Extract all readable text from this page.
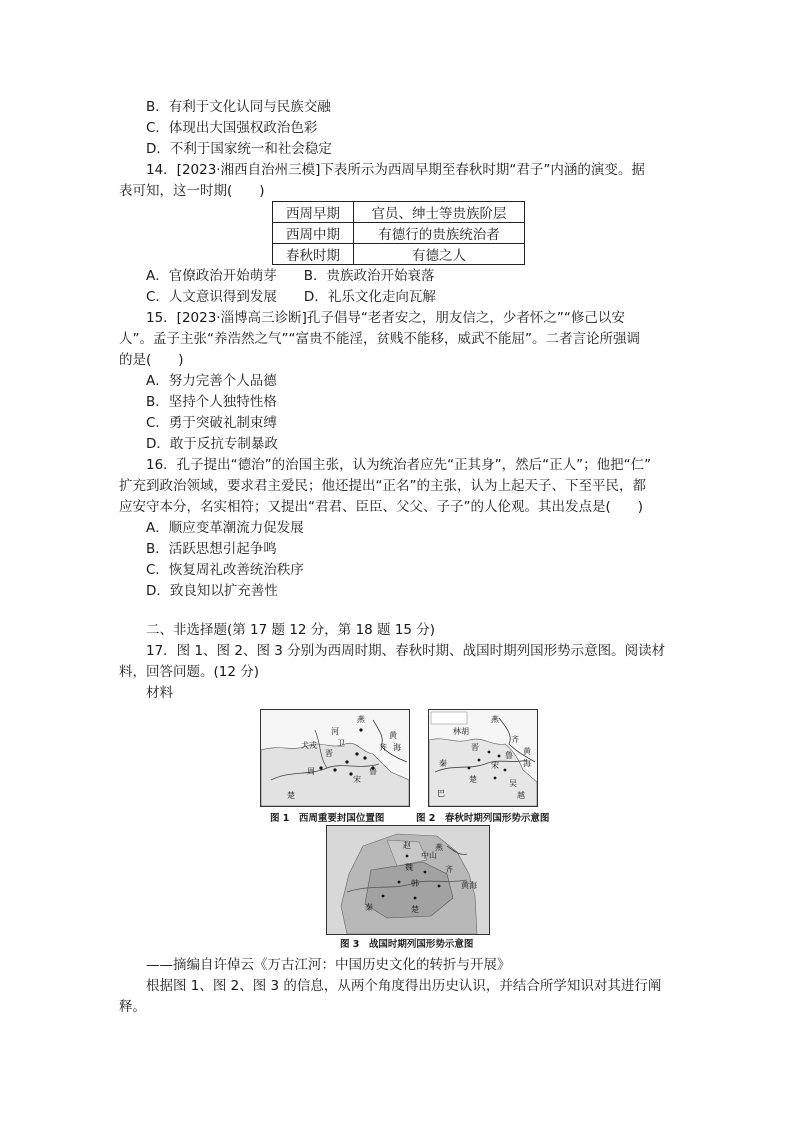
B．有利于文化认同与民族交融
C．体现出大国强权政治色彩
D．不利于国家统一和社会稳定
14．[2023·湘西自治州三模]下表所示为西周早期至春秋时期“君子”内涵的演变。据
表可知，这一时期(　　)
西周早期	官员、绅士等贵族阶层
西周中期	有德行的贵族统治者
春秋时期	有德之人
A．官僚政治开始萌芽　　B．贵族政治开始衰落
C．人文意识得到发展　　D．礼乐文化走向瓦解
15．[2023·淄博高三诊断]孔子倡导“老者安之，朋友信之，少者怀之”“修己以安
人”。孟子主张“养浩然之气”“富贵不能淫，贫贱不能移，威武不能屈”。二者言论所强调
的是(　　)
A．努力完善个人品德
B．坚持个人独特性格
C．勇于突破礼制束缚
D．敢于反抗专制暴政
16．孔子提出“德治”的治国主张，认为统治者应先“正其身”，然后“正人”；他把“仁”
扩充到政治领域，要求君主爱民；他还提出“正名”的主张，认为上起天子、下至平民，都
应安守本分，名实相符；又提出“君君、臣臣、父父、子子”的人伦观。其出发点是(　　)
A．顺应变革潮流力促发展
B．活跃思想引起争鸣
C．恢复周礼改善统治秩序
D．致良知以扩充善性
二、非选择题(第 17 题 12 分，第 18 题 15 分)
17．图 1、图 2、图 3 分别为西周时期、春秋时期、战国时期列国形势示意图。阅读材
料，回答问题。(12 分)
材料
燕
犬戎
晋
周
齐
黄
海
鲁
宋
卫
楚
河
燕
秦
晋
齐
鲁
宋
楚	吴
越
黄
海
林胡
巴
图 1　西周重要封国位置图	图 2　春秋时期列国形势示意图
燕
赵
魏
韩
齐
秦	楚
黄海
中山
图 3　战国时期列国形势示意图
——摘编自许倬云《万古江河：中国历史文化的转折与开展》
根据图 1、图 2、图 3 的信息，从两个角度得出历史认识，并结合所学知识对其进行阐
释。
